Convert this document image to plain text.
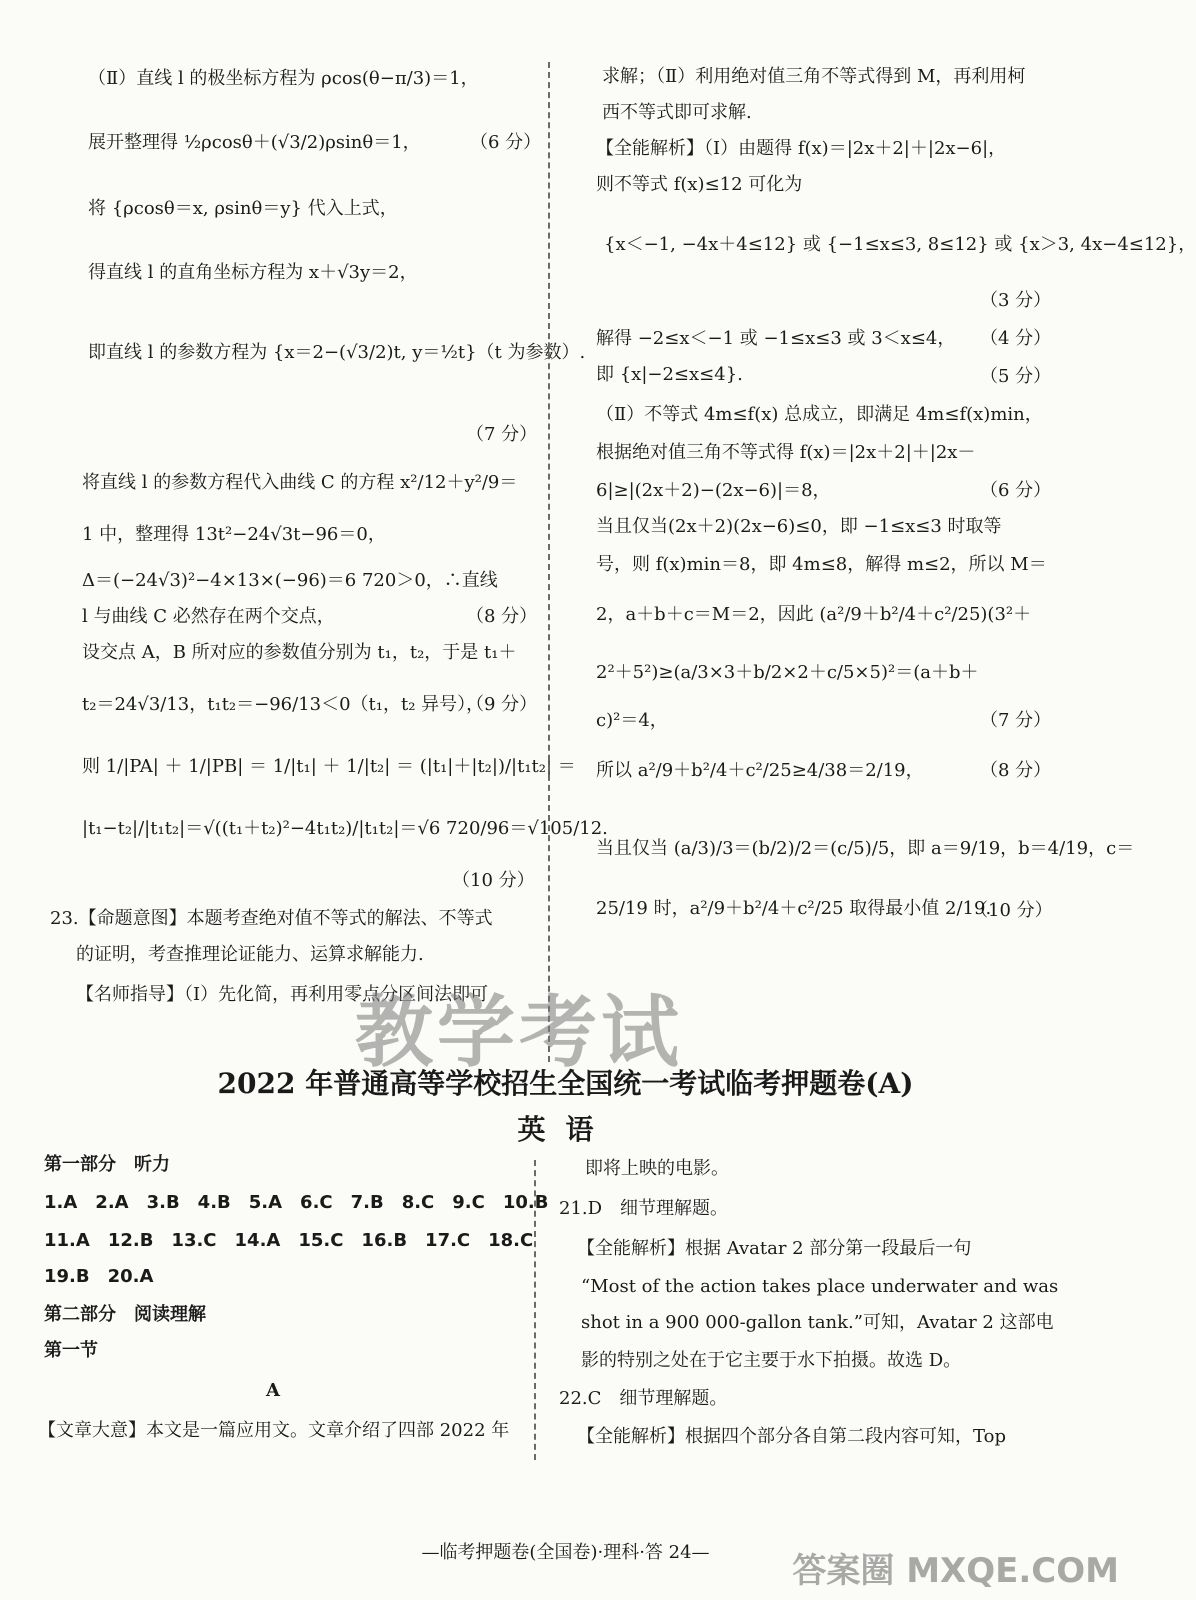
（Ⅱ）直线 l 的极坐标方程为 ρcos(θ−π/3)＝1，
展开整理得 ½ρcosθ＋(√3/2)ρsinθ＝1，	（6 分）
将 {ρcosθ＝x, ρsinθ＝y} 代入上式，
得直线 l 的直角坐标方程为 x＋√3y＝2，
即直线 l 的参数方程为 {x＝2−(√3/2)t, y＝½t}（t 为参数）.
（7 分）
将直线 l 的参数方程代入曲线 C 的方程 x²/12＋y²/9＝
1 中，整理得 13t²−24√3t−96＝0，
Δ＝(−24√3)²−4×13×(−96)＝6 720＞0，∴直线
l 与曲线 C 必然存在两个交点，	（8 分）
设交点 A，B 所对应的参数值分别为 t₁，t₂，于是 t₁＋
t₂＝24√3/13，t₁t₂＝−96/13＜0（t₁，t₂ 异号），
（9 分）
则 1/|PA| ＋ 1/|PB| ＝ 1/|t₁| ＋ 1/|t₂| ＝ (|t₁|＋|t₂|)/|t₁t₂| ＝
|t₁−t₂|/|t₁t₂|＝√((t₁＋t₂)²−4t₁t₂)/|t₁t₂|＝√6 720/96＝√105/12.
（10 分）
23.【命题意图】本题考查绝对值不等式的解法、不等式
的证明，考查推理论证能力、运算求解能力.
【名师指导】（Ⅰ）先化简，再利用零点分区间法即可
求解；（Ⅱ）利用绝对值三角不等式得到 M，再利用柯
西不等式即可求解.
【全能解析】（Ⅰ）由题得 f(x)＝|2x＋2|＋|2x−6|，
则不等式 f(x)≤12 可化为
{x＜−1, −4x＋4≤12} 或 {−1≤x≤3, 8≤12} 或 {x＞3, 4x−4≤12}，
（3 分）
解得 −2≤x＜−1 或 −1≤x≤3 或 3＜x≤4， （4 分）
即 {x|−2≤x≤4}.	（5 分）
（Ⅱ）不等式 4m≤f(x) 总成立，即满足 4m≤f(x)min，
根据绝对值三角不等式得 f(x)＝|2x＋2|＋|2x－
6|≥|(2x＋2)−(2x−6)|＝8，	（6 分）
当且仅当(2x＋2)(2x−6)≤0，即 −1≤x≤3 时取等
号，则 f(x)min＝8，即 4m≤8，解得 m≤2，所以 M＝
2，a＋b＋c＝M＝2，因此 (a²/9＋b²/4＋c²/25)(3²＋
2²＋5²)≥(a/3×3＋b/2×2＋c/5×5)²＝(a＋b＋
c)²＝4，	（7 分）
所以 a²/9＋b²/4＋c²/25≥4/38＝2/19，	（8 分）
当且仅当 (a/3)/3＝(b/2)/2＝(c/5)/5，即 a＝9/19，b＝4/19，c＝
25/19 时，a²/9＋b²/4＋c²/25 取得最小值 2/19.
（10 分）
教学考试
2022 年普通高等学校招生全国统一考试临考押题卷(A)
英语
第一部分　听力
1.A　2.A　3.B　4.B　5.A　6.C　7.B　8.C　9.C　10.B
11.A　12.B　13.C　14.A　15.C　16.B　17.C　18.C
19.B　20.A
第二部分　阅读理解
第一节
A
【文章大意】本文是一篇应用文。文章介绍了四部 2022 年
即将上映的电影。
21.D　细节理解题。
【全能解析】根据 Avatar 2 部分第一段最后一句
“Most of the action takes place underwater and was
shot in a 900 000-gallon tank.”可知，Avatar 2 这部电
影的特别之处在于它主要于水下拍摄。故选 D。
22.C　细节理解题。
【全能解析】根据四个部分各自第二段内容可知，Top
—临考押题卷(全国卷)·理科·答 24—	答案圈 MXQE.COM
